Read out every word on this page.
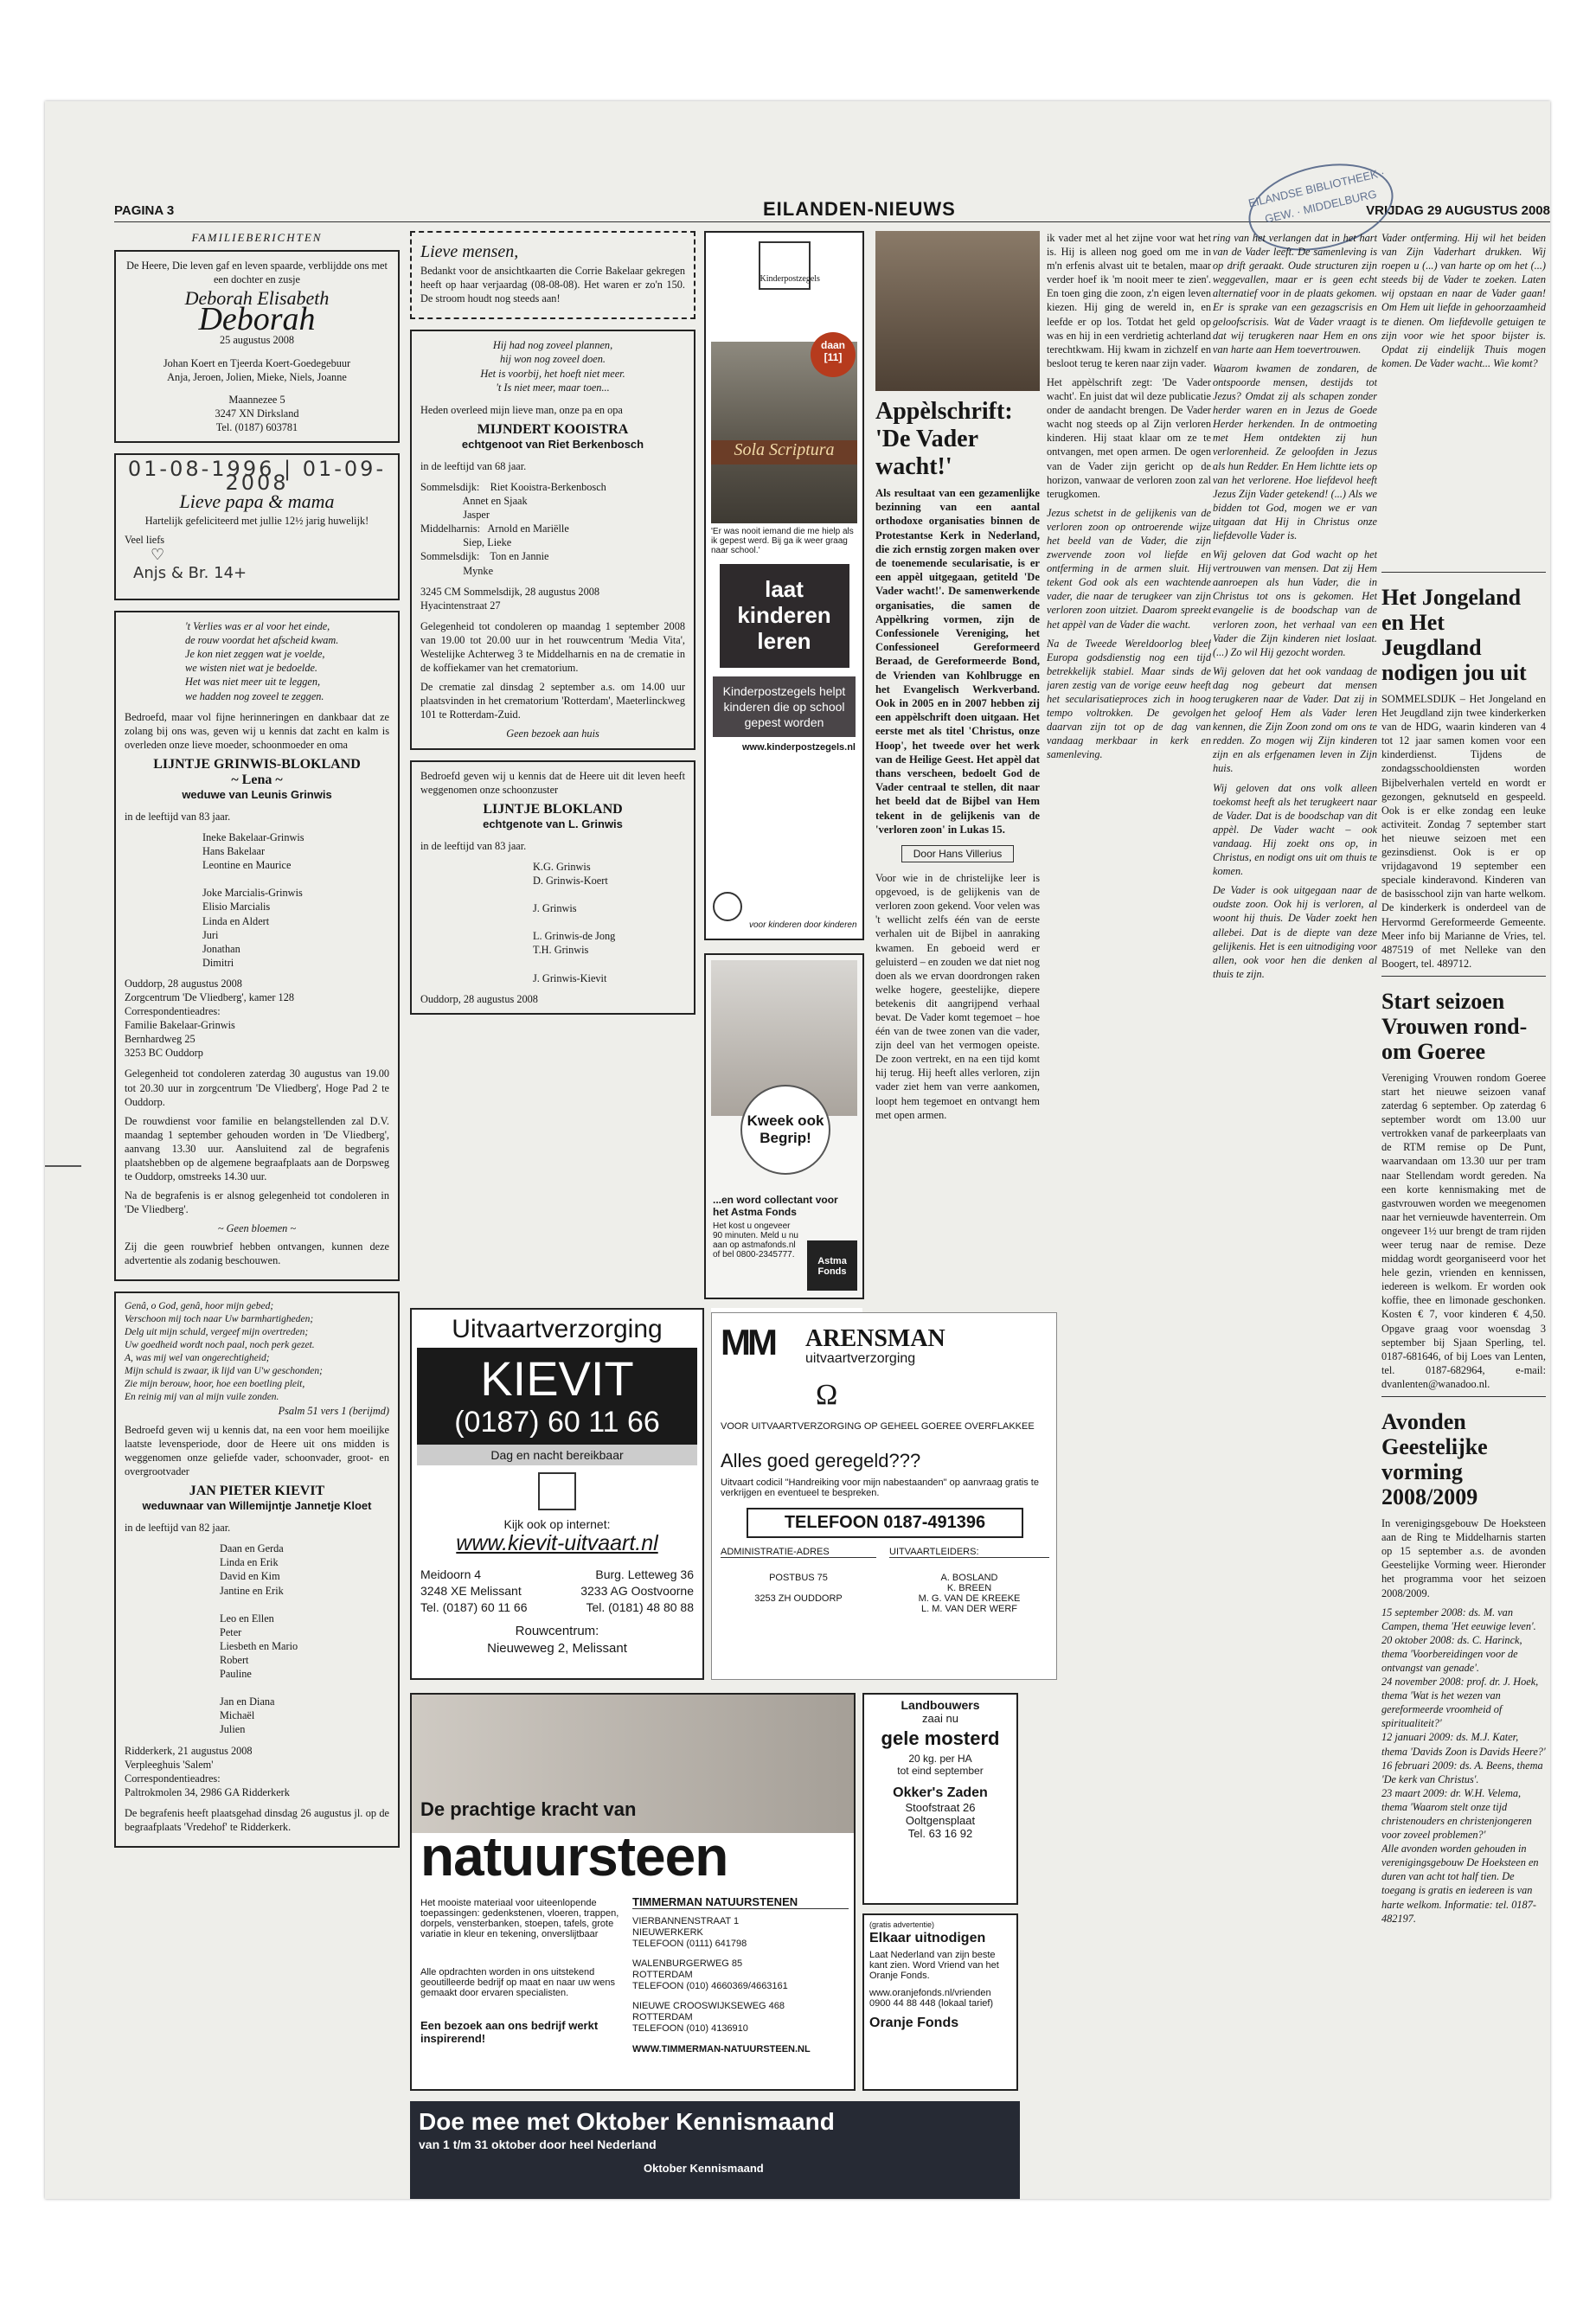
PAGINA 3	EILANDEN-NIEUWS	VRIJDAG 29 AUGUSTUS 2008
EILANDSE BIBLIOTHEEK · GEW. · MIDDELBURG
FAMILIEBERICHTEN
De Heere, Die leven gaf en leven spaarde, verblijdde ons met een dochter en zusje
Deborah Elisabeth
Deborah
25 augustus 2008
Johan Koert en Tjeerda Koert-Goedegebuur
Anja, Jeroen, Jolien, Mieke, Niels, Joanne
Maannezee 5
3247 XN Dirksland
Tel. (0187) 603781
01-08-1996 | 01-09-2008
Lieve papa & mama
Hartelijk gefeliciteerd met jullie 12½ jarig huwelijk!
Veel liefs
♡
Anjs & Br. 14+
't Verlies was er al voor het einde,
de rouw voordat het afscheid kwam.
Je kon niet zeggen wat je voelde,
we wisten niet wat je bedoelde.
Het was niet meer uit te leggen,
we hadden nog zoveel te zeggen.

Bedroefd, maar vol fijne herinneringen en dankbaar dat ze zolang bij ons was, geven wij u kennis dat zacht en kalm is overleden onze lieve moeder, schoonmoeder en oma

LIJNTJE GRINWIS-BLOKLAND
~ Lena ~
weduwe van Leunis Grinwis
in de leeftijd van 83 jaar.
Ineke Bakelaar-Grinwis
Hans Bakelaar
Leontine en Maurice

Joke Marcialis-Grinwis
Elisio Marcialis
Linda en Aldert
Juri
Jonathan
Dimitri
Ouddorp, 28 augustus 2008
Zorgcentrum 'De Vliedberg', kamer 128
Correspondentieadres:
Familie Bakelaar-Grinwis
Bernhardweg 25
3253 BC Ouddorp

Gelegenheid tot condoleren zaterdag 30 augustus van 19.00 tot 20.30 uur in zorgcentrum 'De Vliedberg', Hoge Pad 2 te Ouddorp.

De rouwdienst voor familie en belangstellenden zal D.V. maandag 1 september gehouden worden in 'De Vliedberg', aanvang 13.30 uur. Aansluitend zal de begrafenis plaatshebben op de algemene begraafplaats aan de Dorpsweg te Ouddorp, omstreeks 14.30 uur.

Na de begrafenis is er alsnog gelegenheid tot condoleren in 'De Vliedberg'.

~ Geen bloemen ~

Zij die geen rouwbrief hebben ontvangen, kunnen deze advertentie als zodanig beschouwen.

Genâ, o God, genâ, hoor mijn gebed;
Verschoon mij toch naar Uw barmhartigheden;
Delg uit mijn schuld, vergeef mijn overtreden;
Uw goedheid wordt noch paal, noch perk gezet.
A, was mij wel van ongerechtigheid;
Mijn schuld is zwaar, ik lijd van U'w geschonden;
Zie mijn berouw, hoor, hoe een boetling pleit,
En reinig mij van al mijn vuile zonden.
Psalm 51 vers 1 (berijmd)

Bedroefd geven wij u kennis dat, na een voor hem moeilijke laatste levensperiode, door de Heere uit ons midden is weggenomen onze geliefde vader, schoonvader, groot- en overgrootvader

JAN PIETER KIEVIT
weduwnaar van Willemijntje Jannetje Kloet
in de leeftijd van 82 jaar.
Daan en Gerda
Linda en Erik
David en Kim
Jantine en Erik

Leo en Ellen
Peter
Liesbeth en Mario
Robert
Pauline

Jan en Diana
Michaël
Julien
Ridderkerk, 21 augustus 2008
Verpleeghuis 'Salem'
Correspondentieadres:
Paltrokmolen 34, 2986 GA Ridderkerk

De begrafenis heeft plaatsgehad dinsdag 26 augustus jl. op de begraafplaats 'Vredehof' te Ridderkerk.

Lieve mensen,

Bedankt voor de ansichtkaarten die Corrie Bakelaar gekregen heeft op haar verjaardag (08-08-08). Het waren er zo'n 150. De stroom houdt nog steeds aan!

Hij had nog zoveel plannen,
hij won nog zoveel doen.
Het is voorbij, het hoeft niet meer.
't Is niet meer, maar toen...
Heden overleed mijn lieve man, onze pa en opa
MIJNDERT KOOISTRA
echtgenoot van Riet Berkenbosch
in de leeftijd van 68 jaar.
Sommelsdijk:    Riet Kooistra-Berkenbosch
Annet en Sjaak
Jasper
Middelharnis:   Arnold en Mariëlle
Siep, Lieke
Sommelsdijk:    Ton en Jannie
Mynke
3245 CM Sommelsdijk, 28 augustus 2008
Hyacintenstraat 27

Gelegenheid tot condoleren op maandag 1 september 2008 van 19.00 tot 20.00 uur in het rouwcentrum 'Media Vita', Westelijke Achterweg 3 te Middelharnis en na de crematie in de koffiekamer van het crematorium.

De crematie zal dinsdag 2 september a.s. om 14.00 uur plaatsvinden in het crematorium 'Rotterdam', Maeterlinckweg 101 te Rotterdam-Zuid.

Geen bezoek aan huis

Bedroefd geven wij u kennis dat de Heere uit dit leven heeft weggenomen onze schoonzuster

LIJNTJE BLOKLAND
echtgenote van L. Grinwis
in de leeftijd van 83 jaar.
K.G. Grinwis
D. Grinwis-Koert

J. Grinwis

L. Grinwis-de Jong
T.H. Grinwis

J. Grinwis-Kievit
Ouddorp, 28 augustus 2008
Kinderpostzegels
daan [11]
Sola Scriptura
'Er was nooit iemand die me hielp als ik gepest werd. Bij ga ik weer graag naar school.'
laat kinderen leren
Kinderpostzegels helpt kinderen die op school gepest worden
www.kinderpostzegels.nl
voor kinderen door kinderen
Kweek ook Begrip!
...en word collectant voor het Astma Fonds
Het kost u ongeveer 90 minuten. Meld u nu aan op astmafonds.nl of bel 0800-2345777.
Astma Fonds
Uitvaartverzorging
KIEVIT
(0187) 60 11 66
Dag en nacht bereikbaar
Kijk ook op internet:
www.kievit-uitvaart.nl
Meidoorn 4
3248 XE Melissant
Tel. (0187) 60 11 66
Burg. Letteweg 36
3233 AG Oostvoorne
Tel. (0181) 48 80 88
Rouwcentrum:
Nieuweweg 2, Melissant
MM ARENSMAN
uitvaartverzorging
Ω
VOOR UITVAARTVERZORGING OP GEHEEL GOEREE OVERFLAKKEE
Alles goed geregeld???
Uitvaart codicil "Handreiking voor mijn nabestaanden" op aanvraag gratis te verkrijgen en eventueel te bespreken.
TELEFOON 0187-491396
ADMINISTRATIE-ADRES	UITVAARTLEIDERS:
POSTBUS 75

3253 ZH OUDDORP
A. BOSLAND
K. BREEN
M. G. VAN DE KREEKE
L. M. VAN DER WERF
De prachtige kracht van
natuursteen
Het mooiste materiaal voor uiteenlopende toepassingen: gedenkstenen, vloeren, trappen, dorpels, vensterbanken, stoepen, tafels, grote variatie in kleur en tekening, onverslijtbaar
Alle opdrachten worden in ons uitstekend geoutilleerde bedrijf op maat en naar uw wens gemaakt door ervaren specialisten.
Een bezoek aan ons bedrijf werkt inspirerend!
TIMMERMAN NATUURSTENEN
VIERBANNENSTRAAT 1
NIEUWERKERK
TELEFOON (0111) 641798
WALENBURGERWEG 85
ROTTERDAM
TELEFOON (010) 4660369/4663161
NIEUWE CROOSWIJKSEWEG 468
ROTTERDAM
TELEFOON (010) 4136910
WWW.TIMMERMAN-NATUURSTEEN.NL
Landbouwers
zaai nu
gele mosterd
20 kg. per HA
tot eind september
Okker's Zaden
Stoofstraat 26
Ooltgensplaat
Tel. 63 16 92
(gratis advertentie)
Elkaar uitnodigen
Laat Nederland van zijn beste kant zien. Word Vriend van het Oranje Fonds.
www.oranjefonds.nl/vrienden
0900 44 88 448 (lokaal tarief)
Oranje Fonds
Doe mee met Oktober Kennismaand
van 1 t/m 31 oktober door heel Nederland
Oktober Kennismaand
Appèlschrift: 'De Vader wacht!'
Als resultaat van een gezamenlijke bezinning van een aantal orthodoxe organisaties binnen de Protestantse Kerk in Nederland, die zich ernstig zorgen maken over de toenemende secularisatie, is er een appèl uitgegaan, getiteld 'De Vader wacht!'. De samenwerkende organisaties, die samen de Appèlkring vormen, zijn de Confessionele Vereniging, het Confessioneel Gereformeerd Beraad, de Gereformeerde Bond, de Vrienden van Kohlbrugge en het Evangelisch Werkverband. Ook in 2005 en in 2007 hebben zij een appèlschrift doen uitgaan. Het eerste met als titel 'Christus, onze Hoop', het tweede over het werk van de Heilige Geest. Het appèl dat thans verscheen, bedoelt God de Vader centraal te stellen, dit naar het beeld dat de Bijbel van Hem tekent in de gelijkenis van de 'verloren zoon' in Lukas 15.
Door Hans Villerius

Voor wie in de christelijke leer is opgevoed, is de gelijkenis van de verloren zoon gekend. Voor velen was 't wellicht zelfs één van de eerste verhalen uit de Bijbel in aanraking kwamen. En geboeid werd er geluisterd – en zouden we dat niet nog doen als we ervan doordrongen raken welke hogere, geestelijke, diepere betekenis dit aangrijpend verhaal bevat. De Vader komt tegemoet – hoe één van de twee zonen van die vader, zijn deel van het vermogen opeiste. De zoon vertrekt, en na een tijd komt hij terug. Hij heeft alles verloren, zijn vader ziet hem van verre aankomen, loopt hem tegemoet en ontvangt hem met open armen.

ik vader met al het zijne voor wat het is. Hij is alleen nog goed om me in m'n erfenis alvast uit te betalen, maar verder hoef ik 'm nooit meer te zien'. En toen ging die zoon, z'n eigen leven kiezen. Hij ging de wereld in, en leefde er op los. Totdat het geld op was en hij in een verdrietig achterland terechtkwam. Hij kwam in zichzelf en besloot terug te keren naar zijn vader.

Het appèlschrift zegt: 'De Vader wacht'. En juist dat wil deze publicatie onder de aandacht brengen. De Vader wacht nog steeds op al Zijn verloren kinderen. Hij staat klaar om ze te ontvangen, met open armen. De ogen van de Vader zijn gericht op de horizon, vanwaar de verloren zoon zal terugkomen.

Jezus schetst in de gelijkenis van de verloren zoon op ontroerende wijze het beeld van de Vader, die zijn zwervende zoon vol liefde en ontferming in de armen sluit. Hij tekent God ook als een wachtende vader, die naar de terugkeer van zijn verloren zoon uitziet. Daarom spreekt het appèl van de Vader die wacht.

Na de Tweede Wereldoorlog bleef Europa godsdienstig nog een tijd betrekkelijk stabiel. Maar sinds de jaren zestig van de vorige eeuw heeft het secularisatieproces zich in hoog tempo voltrokken. De gevolgen daarvan zijn tot op de dag van vandaag merkbaar in kerk en samenleving.

ring van het verlangen dat in het hart van de Vader leeft. De samenleving is op drift geraakt. Oude structuren zijn weggevallen, maar er is geen echt alternatief voor in de plaats gekomen. Er is sprake van een gezagscrisis en geloofscrisis. Wat de Vader vraagt is dat wij terugkeren naar Hem en ons van harte aan Hem toevertrouwen.

Waarom kwamen de zondaren, de ontspoorde mensen, destijds tot Jezus? Omdat zij als schapen zonder herder waren en in Jezus de Goede Herder herkenden. In de ontmoeting met Hem ontdekten zij hun verlorenheid. Ze geloofden in Jezus als hun Redder. En Hem lichtte iets op van het verlorene. Hoe liefdevol heeft Jezus Zijn Vader getekend! (...) Als we bidden tot God, mogen we er van uitgaan dat Hij in Christus onze liefdevolle Vader is.

Wij geloven dat God wacht op het vertrouwen van mensen. Dat zij Hem aanroepen als hun Vader, die in Christus tot ons is gekomen. Het evangelie is de boodschap van de verloren zoon, het verhaal van een Vader die Zijn kinderen niet loslaat. (...) Zo wil Hij gezocht worden.

Wij geloven dat het ook vandaag de dag nog gebeurt dat mensen terugkeren naar de Vader. Dat zij in het geloof Hem als Vader leren kennen, die Zijn Zoon zond om ons te redden. Zo mogen wij Zijn kinderen zijn en als erfgenamen leven in Zijn huis.

Wij geloven dat ons volk alleen toekomst heeft als het terugkeert naar de Vader. Dat is de boodschap van dit appèl. De Vader wacht – ook vandaag. Hij zoekt ons op, in Christus, en nodigt ons uit om thuis te komen.

De Vader is ook uitgegaan naar de oudste zoon. Ook hij is verloren, al woont hij thuis. De Vader zoekt hen allebei. Dat is de diepte van deze gelijkenis. Het is een uitnodiging voor allen, ook voor hen die denken al thuis te zijn.

Vader ontferming. Hij wil het beiden van Zijn Vaderhart drukken. Wij roepen u (...) van harte op om het (...) steeds bij de Vader te zoeken. Laten wij opstaan en naar de Vader gaan! Om Hem uit liefde in gehoorzaamheid te dienen. Om liefdevolle getuigen te zijn voor wie het spoor bijster is. Opdat zij eindelijk Thuis mogen komen. De Vader wacht... Wie komt?

Het Jongeland en Het Jeugdland nodigen jou uit

SOMMELSDIJK – Het Jongeland en Het Jeugdland zijn twee kinderkerken van de HDG, waarin kinderen van 4 tot 12 jaar samen komen voor een kinderdienst. Tijdens de zondagsschooldiensten worden Bijbelverhalen verteld en wordt er gezongen, geknutseld en gespeeld. Ook is er elke zondag een leuke activiteit. Zondag 7 september start het nieuwe seizoen met een gezinsdienst. Ook is er op vrijdagavond 19 september een speciale kinderavond. Kinderen van de basisschool zijn van harte welkom. De kinderkerk is onderdeel van de Hervormd Gereformeerde Gemeente. Meer info bij Marianne de Vries, tel. 487519 of met Nelleke van den Boogert, tel. 489712.

Start seizoen Vrouwen rond-om Goeree

Vereniging Vrouwen rondom Goeree start het nieuwe seizoen vanaf zaterdag 6 september. Op zaterdag 6 september wordt om 13.00 uur vertrokken vanaf de parkeerplaats van de RTM remise op De Punt, waarvandaan om 13.30 uur per tram naar Stellendam wordt gereden. Na een korte kennismaking met de gastvrouwen worden we meegenomen naar het vernieuwde haventerrein. Om ongeveer 1½ uur brengt de tram rijden weer terug naar de remise. Deze middag wordt georganiseerd voor het hele gezin, vrienden en kennissen, iedereen is welkom. Er worden ook koffie, thee en limonade geschonken. Kosten € 7, voor kinderen € 4,50. Opgave graag voor woensdag 3 september bij Sjaan Sperling, tel. 0187-681646, of bij Loes van Lenten, tel. 0187-682964, e-mail: dvanlenten@wanadoo.nl.

Avonden Geestelijke vorming 2008/2009

In verenigingsgebouw De Hoeksteen aan de Ring te Middelharnis starten op 15 september a.s. de avonden Geestelijke Vorming weer. Hieronder het programma voor het seizoen 2008/2009.

15 september 2008: ds. M. van Campen, thema 'Het eeuwige leven'.
20 oktober 2008: ds. C. Harinck, thema 'Voorbereidingen voor de ontvangst van genade'.
24 november 2008: prof. dr. J. Hoek, thema 'Wat is het wezen van gereformeerde vroomheid of spiritualiteit?'
12 januari 2009: ds. M.J. Kater, thema 'Davids Zoon is Davids Heere?'
16 februari 2009: ds. A. Beens, thema 'De kerk van Christus'.
23 maart 2009: dr. W.H. Velema, thema 'Waarom stelt onze tijd christenouders en christenjongeren voor zoveel problemen?'
Alle avonden worden gehouden in verenigingsgebouw De Hoeksteen en duren van acht tot half tien. De toegang is gratis en iedereen is van harte welkom. Informatie: tel. 0187-482197.
